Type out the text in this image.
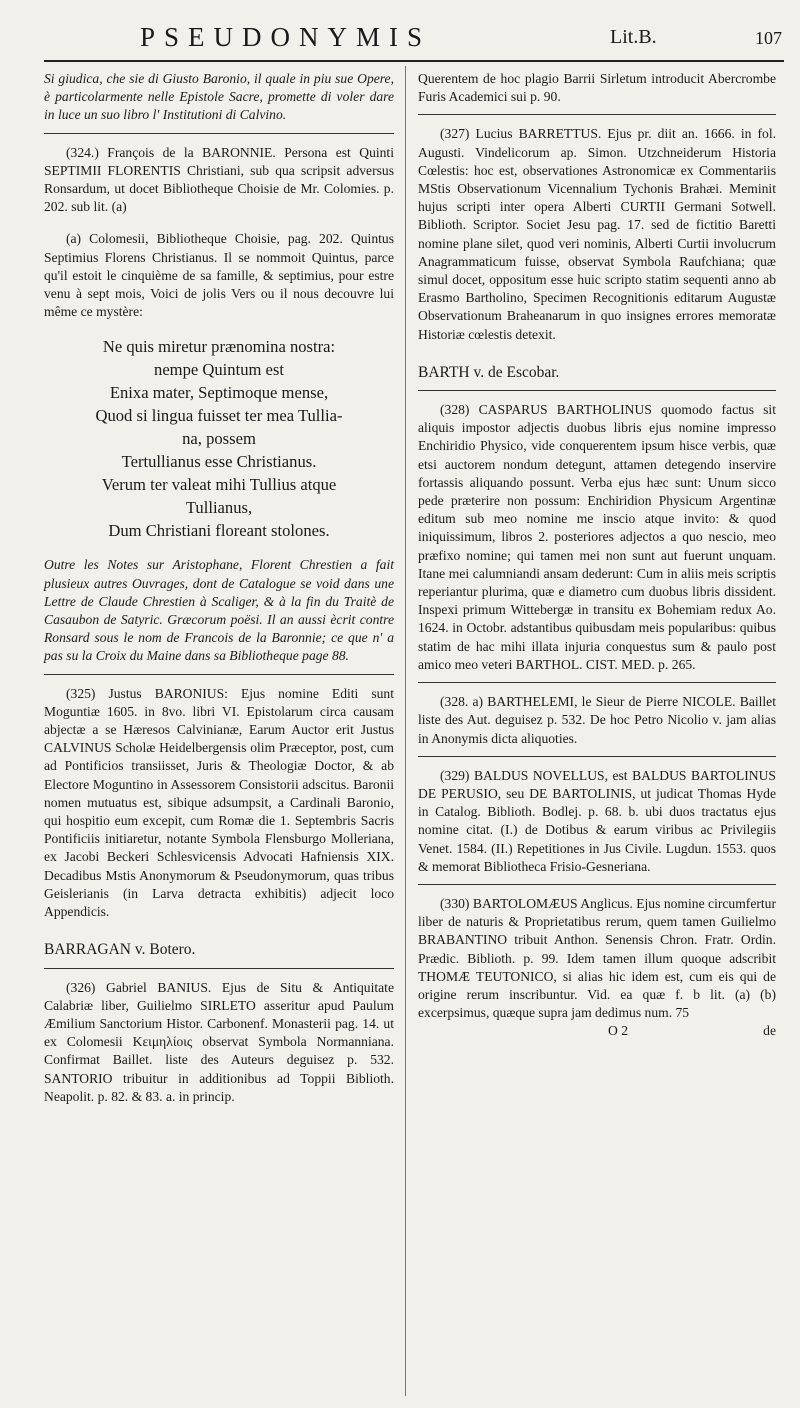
PSEUDONYMIS	Lit.B.	107

Si giudica, che sie di Giusto Baronio, il quale in piu sue Opere, è particolarmente nelle Epistole Sacre, promette di voler dare in luce un suo libro l' Institutioni di Calvino.

(324.) François de la BARONNIE. Persona est Quinti SEPTIMII FLORENTIS Christiani, sub qua scripsit adversus Ronsardum, ut docet Bibliotheque Choisie de Mr. Colomies. p. 202. sub lit. (a)

(a) Colomesii, Bibliotheque Choisie, pag. 202. Quintus Septimius Florens Christianus. Il se nommoit Quintus, parce qu'il estoit le cinquième de sa famille, & septimius, pour estre venu à sept mois, Voici de jolis Vers ou il nous decouvre lui même ce mystère:

Ne quis miretur prænomina nostra:
nempe Quintum est
Enixa mater, Septimoque mense,
Quod si lingua fuisset ter mea Tullia-
na, possem
Tertullianus esse Christianus.
Verum ter valeat mihi Tullius atque
Tullianus,
Dum Christiani floreant stolones.

Outre les Notes sur Aristophane, Florent Chrestien a fait plusieux autres Ouvrages, dont de Catalogue se void dans une Lettre de Claude Chrestien à Scaliger, & à la fin du Traitè de Casaubon de Satyric. Græcorum poësi. Il an aussi ècrit contre Ronsard sous le nom de Francois de la Baronnie; ce que n' a pas su la Croix du Maine dans sa Bibliotheque page 88.

(325) Justus BARONIUS: Ejus nomine Editi sunt Moguntiæ 1605. in 8vo. libri VI. Epistolarum circa causam abjectæ a se Hæresos Calvinianæ, Earum Auctor erit Justus CALVINUS Scholæ Heidelbergensis olim Præceptor, post, cum ad Pontificios transiisset, Juris & Theologiæ Doctor, & ab Electore Moguntino in Assessorem Consistorii adscitus. Baronii nomen mutuatus est, sibique adsumpsit, a Cardinali Baronio, qui hospitio eum excepit, cum Romæ die 1. Septembris Sacris Pontificiis initiaretur, notante Symbola Flensburgo Molleriana, ex Jacobi Beckeri Schlesvicensis Advocati Hafniensis XIX. Decadibus Mstis Anonymorum & Pseudonymorum, quas tribus Geislerianis (in Larva detracta exhibitis) adjecit loco Appendicis.

BARRAGAN v. Botero.

(326) Gabriel BANIUS. Ejus de Situ & Antiquitate Calabriæ liber, Guilielmo SIRLETO asseritur apud Paulum Æmilium Sanctorium Histor. Carbonenf. Monasterii pag. 14. ut ex Colomesii Κειμηλίοις observat Symbola Normanniana. Confirmat Baillet. liste des Auteurs deguisez p. 532. SANTORIO tribuitur in additionibus ad Toppii Biblioth. Neapolit. p. 82. & 83. a. in princip.

Querentem de hoc plagio Barrii Sirletum introducit Abercrombe Furis Academici sui p. 90.

(327) Lucius BARRETTUS. Ejus pr. diit an. 1666. in fol. Augusti. Vindelicorum ap. Simon. Utzchneiderum Historia Cœlestis: hoc est, observationes Astronomicæ ex Commentariis MStis Observationum Vicennalium Tychonis Brahæi. Meminit hujus scripti inter opera Alberti CURTII Germani Sotwell. Biblioth. Scriptor. Societ Jesu pag. 17. sed de fictitio Baretti nomine plane silet, quod veri nominis, Alberti Curtii involucrum Anagrammaticum fuisse, observat Symbola Raufchiana; quæ simul docet, oppositum esse huic scripto statim sequenti anno ab Erasmo Bartholino, Specimen Recognitionis editarum Augustæ Observationum Braheanarum in quo insignes errores memoratæ Historiæ cœlestis detexit.

BARTH v. de Escobar.

(328) CASPARUS BARTHOLINUS quomodo factus sit aliquis impostor adjectis duobus libris ejus nomine impresso Enchiridio Physico, vide conquerentem ipsum hisce verbis, quæ etsi auctorem nondum detegunt, attamen detegendo inservire fortassis aliquando possunt. Verba ejus hæc sunt: Unum sicco pede præterire non possum: Enchiridion Physicum Argentinæ editum sub meo nomine me inscio atque invito: & quod iniquissimum, libros 2. posteriores adjectos a quo nescio, meo præfixo nomine; qui tamen mei non sunt aut fuerunt unquam. Itane mei calumniandi ansam dederunt: Cum in aliis meis scriptis reperiantur plurima, quæ e diametro cum duobus libris dissident. Inspexi primum Wittebergæ in transitu ex Bohemiam redux Ao. 1624. in Octobr. adstantibus quibusdam meis popularibus: quibus statim de hac mihi illata injuria conquestus sum & paulo post amico meo veteri BARTHOL. CIST. MED. p. 265.

(328. a) BARTHELEMI, le Sieur de Pierre NICOLE. Baillet liste des Aut. deguisez p. 532. De hoc Petro Nicolio v. jam alias in Anonymis dicta aliquoties.

(329) BALDUS NOVELLUS, est BALDUS BARTOLINUS DE PERUSIO, seu DE BARTOLINIS, ut judicat Thomas Hyde in Catalog. Biblioth. Bodlej. p. 68. b. ubi duos tractatus ejus nomine citat. (I.) de Dotibus & earum viribus ac Privilegiis Venet. 1584. (II.) Repetitiones in Jus Civile. Lugdun. 1553. quos & memorat Bibliotheca Frisio-Gesneriana.

(330) BARTOLOMÆUS Anglicus. Ejus nomine circumfertur liber de naturis & Proprietatibus rerum, quem tamen Guilielmo BRABANTINO tribuit Anthon. Senensis Chron. Fratr. Ordin. Prædic. Biblioth. p. 99. Idem tamen illum quoque adscribit THOMÆ TEUTONICO, si alias hic idem est, cum eis qui de origine rerum inscribuntur. Vid. ea quæ f. b lit. (a) (b) excerpsimus, quæque supra jam dedimus num. 75

O 2	de
